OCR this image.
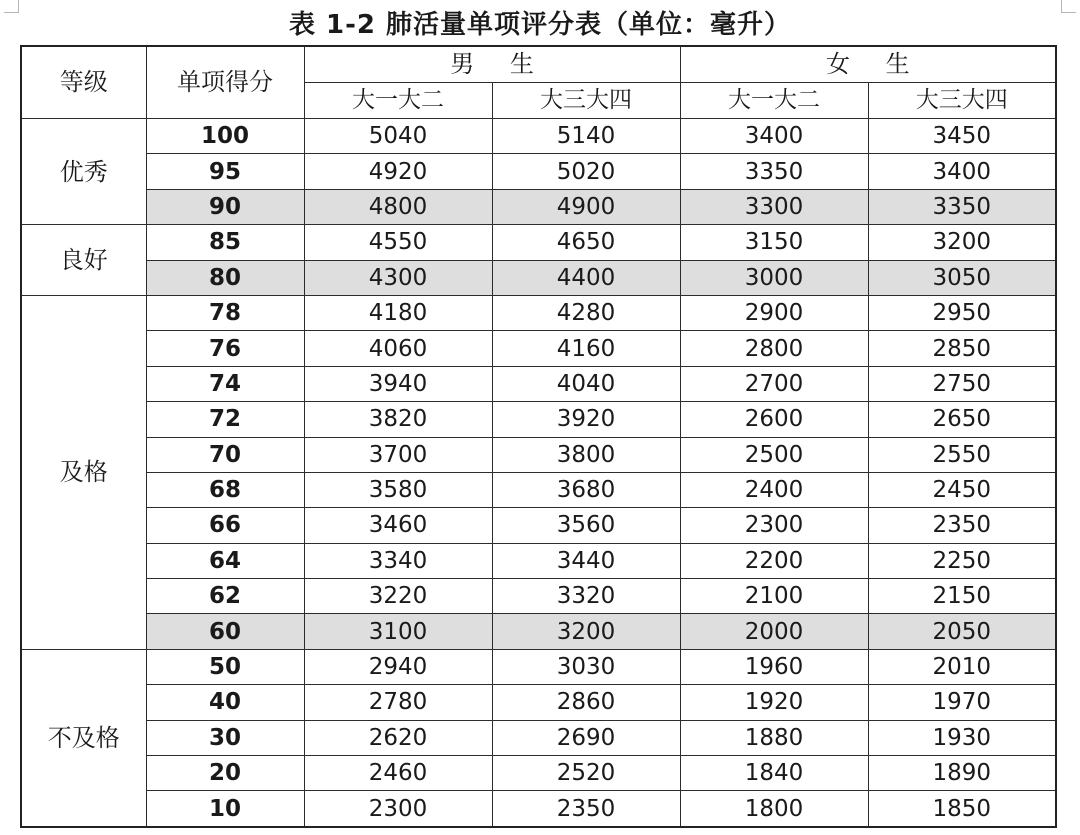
表 1-2 肺活量单项评分表（单位：毫升）
等级	单项得分	男 生		女 生	
		大一大二	大三大四	大一大二	大三大四
优秀	100	5040	5140	3400	3450
	95	4920	5020	3350	3400
	90	4800	4900	3300	3350
良好	85	4550	4650	3150	3200
	80	4300	4400	3000	3050
及格	78	4180	4280	2900	2950
	76	4060	4160	2800	2850
	74	3940	4040	2700	2750
	72	3820	3920	2600	2650
	70	3700	3800	2500	2550
	68	3580	3680	2400	2450
	66	3460	3560	2300	2350
	64	3340	3440	2200	2250
	62	3220	3320	2100	2150
	60	3100	3200	2000	2050
不及格	50	2940	3030	1960	2010
	40	2780	2860	1920	1970
	30	2620	2690	1880	1930
	20	2460	2520	1840	1890
	10	2300	2350	1800	1850
